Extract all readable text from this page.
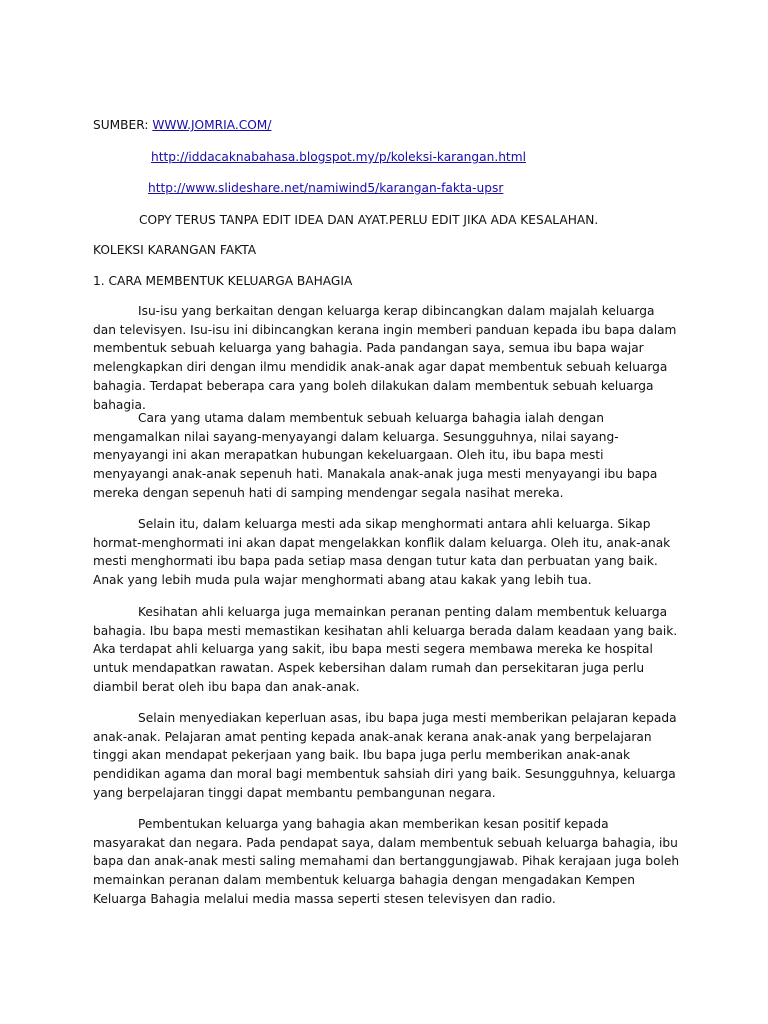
SUMBER: WWW.JOMRIA.COM/
http://iddacaknabahasa.blogspot.my/p/koleksi-karangan.html
http://www.slideshare.net/namiwind5/karangan-fakta-upsr
COPY TERUS TANPA EDIT IDEA DAN AYAT.PERLU EDIT JIKA ADA KESALAHAN.
KOLEKSI KARANGAN FAKTA
1. CARA MEMBENTUK KELUARGA BAHAGIA

Isu-isu yang berkaitan dengan keluarga kerap dibincangkan dalam majalah keluarga dan televisyen. Isu-isu ini dibincangkan kerana ingin memberi panduan kepada ibu bapa dalam membentuk sebuah keluarga yang bahagia. Pada pandangan saya, semua ibu bapa wajar melengkapkan diri dengan ilmu mendidik anak-anak agar dapat membentuk sebuah keluarga bahagia. Terdapat beberapa cara yang boleh dilakukan dalam membentuk sebuah keluarga bahagia.

Cara yang utama dalam membentuk sebuah keluarga bahagia ialah dengan mengamalkan nilai sayang-menyayangi dalam keluarga. Sesungguhnya, nilai sayang-menyayangi ini akan merapatkan hubungan kekeluargaan. Oleh itu, ibu bapa mesti menyayangi anak-anak sepenuh hati. Manakala anak-anak juga mesti menyayangi ibu bapa mereka dengan sepenuh hati di samping mendengar segala nasihat mereka.

Selain itu, dalam keluarga mesti ada sikap menghormati antara ahli keluarga. Sikap hormat-menghormati ini akan dapat mengelakkan konflik dalam keluarga. Oleh itu, anak-anak mesti menghormati ibu bapa pada setiap masa dengan tutur kata dan perbuatan yang baik. Anak yang lebih muda pula wajar menghormati abang atau kakak yang lebih tua.

Kesihatan ahli keluarga juga memainkan peranan penting dalam membentuk keluarga bahagia. Ibu bapa mesti memastikan kesihatan ahli keluarga berada dalam keadaan yang baik. Aka terdapat ahli keluarga yang sakit, ibu bapa mesti segera membawa mereka ke hospital untuk mendapatkan rawatan. Aspek kebersihan dalam rumah dan persekitaran juga perlu diambil berat oleh ibu bapa dan anak-anak.

Selain menyediakan keperluan asas, ibu bapa juga mesti memberikan pelajaran kepada anak-anak. Pelajaran amat penting kepada anak-anak kerana anak-anak yang berpelajaran tinggi akan mendapat pekerjaan yang baik. Ibu bapa juga perlu memberikan anak-anak pendidikan agama dan moral bagi membentuk sahsiah diri yang baik. Sesungguhnya, keluarga yang berpelajaran tinggi dapat membantu pembangunan negara.

Pembentukan keluarga yang bahagia akan memberikan kesan positif kepada masyarakat dan negara. Pada pendapat saya, dalam membentuk sebuah keluarga bahagia, ibu bapa dan anak-anak mesti saling memahami dan bertanggungjawab. Pihak kerajaan juga boleh memainkan peranan dalam membentuk keluarga bahagia dengan mengadakan Kempen Keluarga Bahagia melalui media massa seperti stesen televisyen dan radio.
